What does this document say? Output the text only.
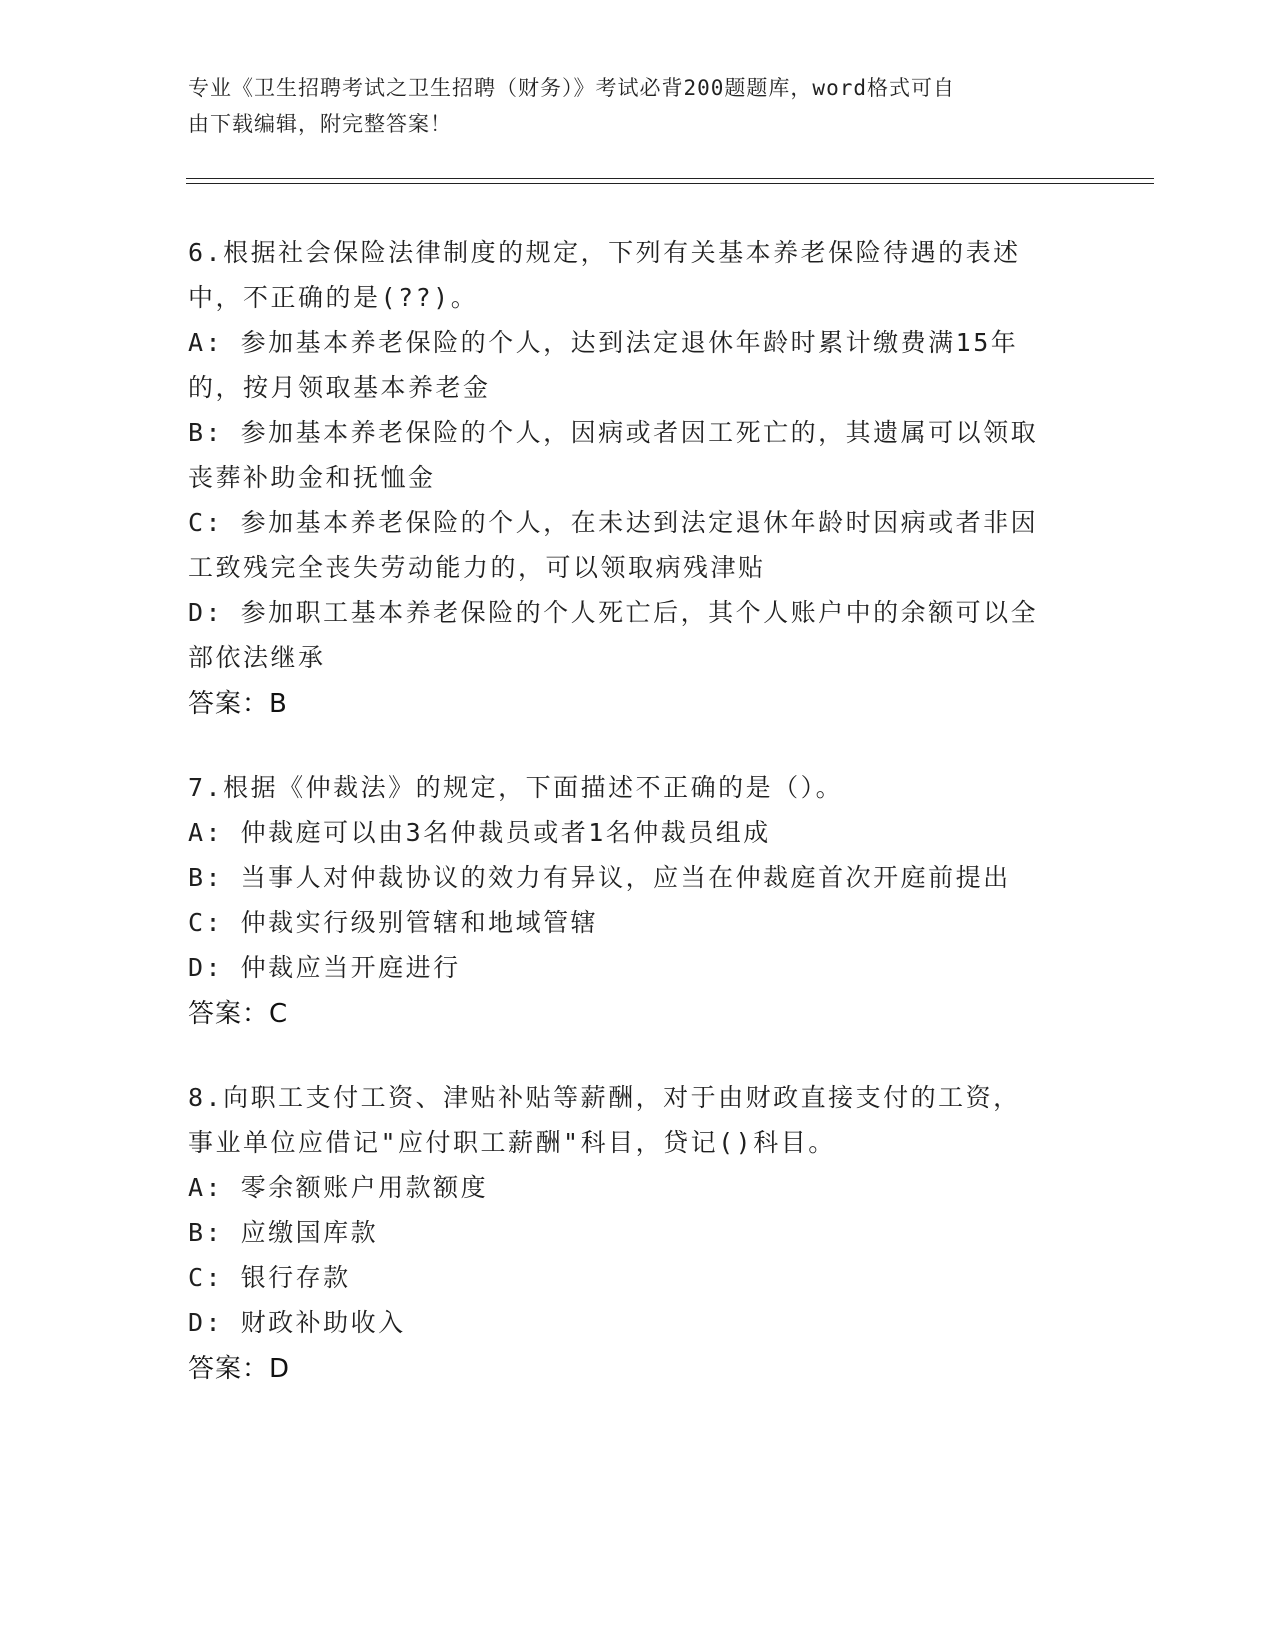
专业《卫生招聘考试之卫生招聘（财务）》考试必背200题题库，word格式可自
由下载编辑，附完整答案！
6.根据社会保险法律制度的规定，下列有关基本养老保险待遇的表述
中，不正确的是(??)。
A: 参加基本养老保险的个人，达到法定退休年龄时累计缴费满15年
的，按月领取基本养老金
B: 参加基本养老保险的个人，因病或者因工死亡的，其遗属可以领取
丧葬补助金和抚恤金
C: 参加基本养老保险的个人，在未达到法定退休年龄时因病或者非因
工致残完全丧失劳动能力的，可以领取病残津贴
D: 参加职工基本养老保险的个人死亡后，其个人账户中的余额可以全
部依法继承
答案：B
7.根据《仲裁法》的规定，下面描述不正确的是（）。
A: 仲裁庭可以由3名仲裁员或者1名仲裁员组成
B: 当事人对仲裁协议的效力有异议，应当在仲裁庭首次开庭前提出
C: 仲裁实行级别管辖和地域管辖
D: 仲裁应当开庭进行
答案：C
8.向职工支付工资、津贴补贴等薪酬，对于由财政直接支付的工资，
事业单位应借记"应付职工薪酬"科目，贷记()科目。
A: 零余额账户用款额度
B: 应缴国库款
C: 银行存款
D: 财政补助收入
答案：D
